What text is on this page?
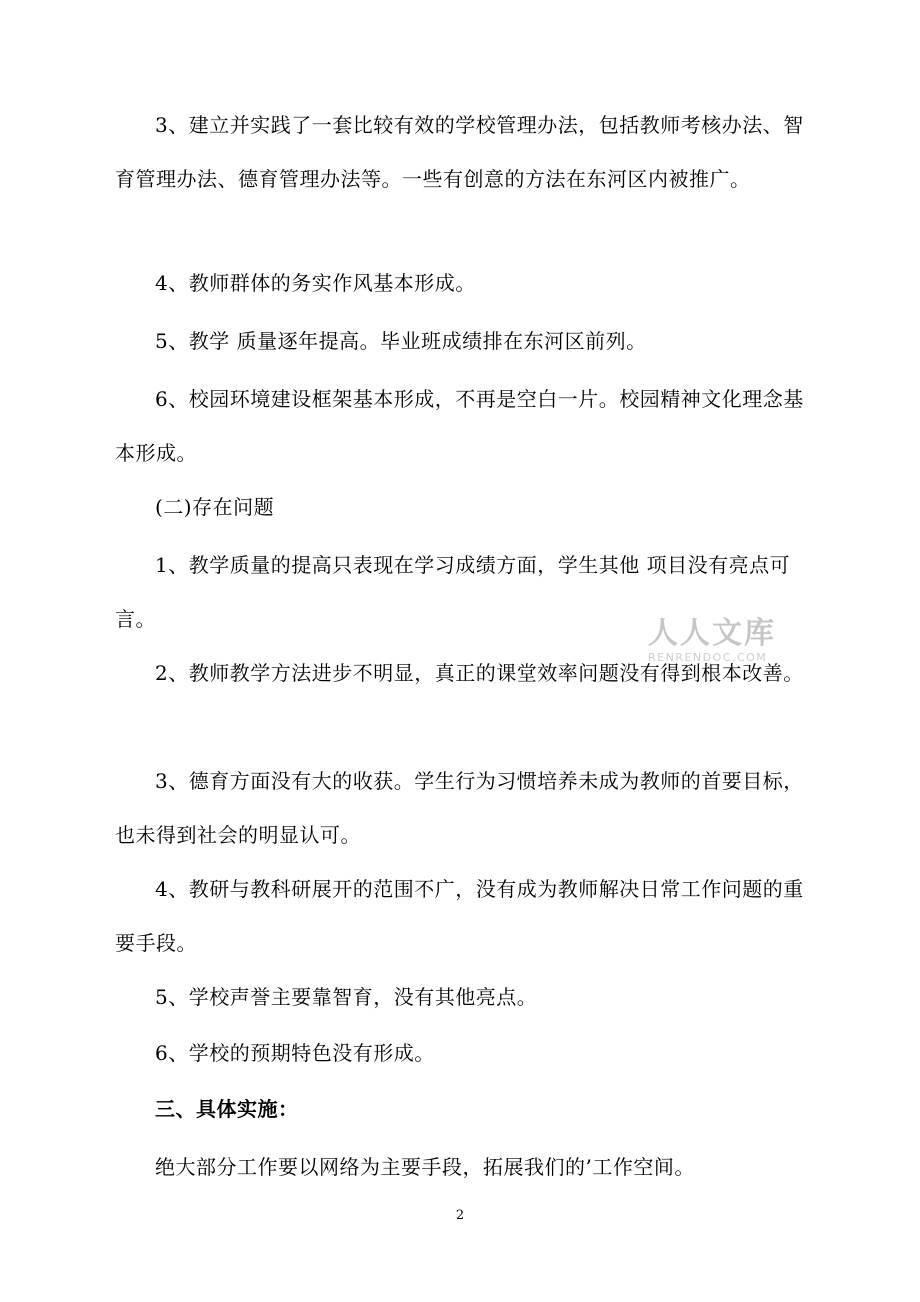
3、建立并实践了一套比较有效的学校管理办法，包括教师考核办法、智育管理办法、德育管理办法等。一些有创意的方法在东河区内被推广。

4、教师群体的务实作风基本形成。

5、教学 质量逐年提高。毕业班成绩排在东河区前列。

6、校园环境建设框架基本形成，不再是空白一片。校园精神文化理念基本形成。

(二)存在问题

1、教学质量的提高只表现在学习成绩方面，学生其他 项目没有亮点可言。

2、教师教学方法进步不明显，真正的课堂效率问题没有得到根本改善。

3、德育方面没有大的收获。学生行为习惯培养未成为教师的首要目标，也未得到社会的明显认可。

4、教研与教科研展开的范围不广，没有成为教师解决日常工作问题的重要手段。

5、学校声誉主要靠智育，没有其他亮点。

6、学校的预期特色没有形成。

三、具体实施：

绝大部分工作要以网络为主要手段，拓展我们的’工作空间。

人人文库
RENRENDOC.COM
2
